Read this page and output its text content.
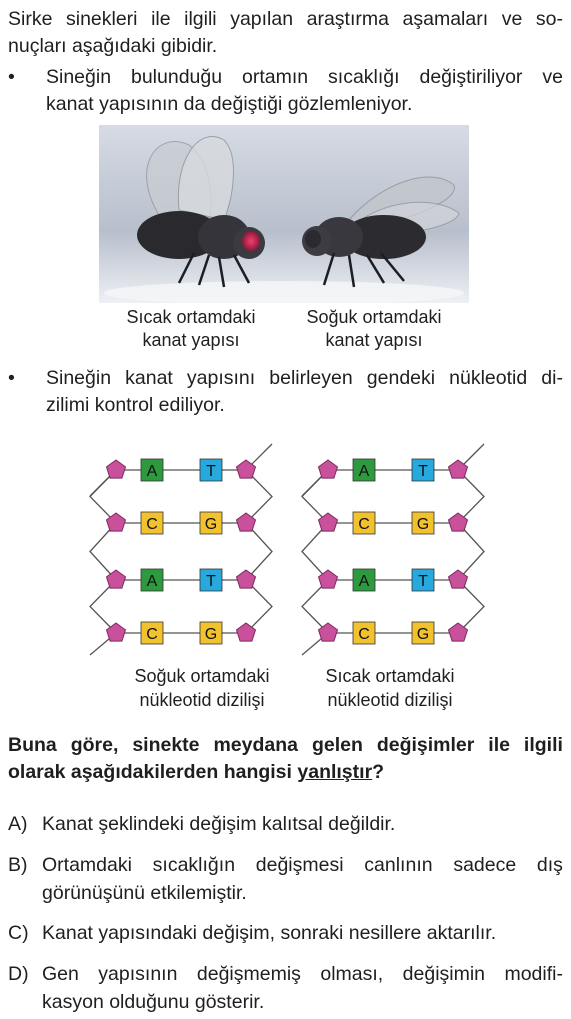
Sirke sinekleri ile ilgili yapılan araştırma aşamaları ve so-
nuçları aşağıdaki gibidir.
• Sineğin bulunduğu ortamın sıcaklığı değiştiriliyor ve
kanat yapısının da değiştiği gözlemleniyor.
Sıcak ortamdaki
kanat yapısı
Soğuk ortamdaki
kanat yapısı
• Sineğin kanat yapısını belirleyen gendeki nükleotid di-
zilimi kontrol ediliyor.
A	T
C	G
A	T
C	G
A	T
C	G
A	T
C	G
Soğuk ortamdaki
nükleotid dizilişi
Sıcak ortamdaki
nükleotid dizilişi
Buna göre, sinekte meydana gelen değişimler ile ilgili
olarak aşağıdakilerden hangisi yanlıştır?
A) Kanat şeklindeki değişim kalıtsal değildir.
B) Ortamdaki sıcaklığın değişmesi canlının sadece dış
görünüşünü etkilemiştir.
C) Kanat yapısındaki değişim, sonraki nesillere aktarılır.
D) Gen yapısının değişmemiş olması, değişimin modifi-
kasyon olduğunu gösterir.
